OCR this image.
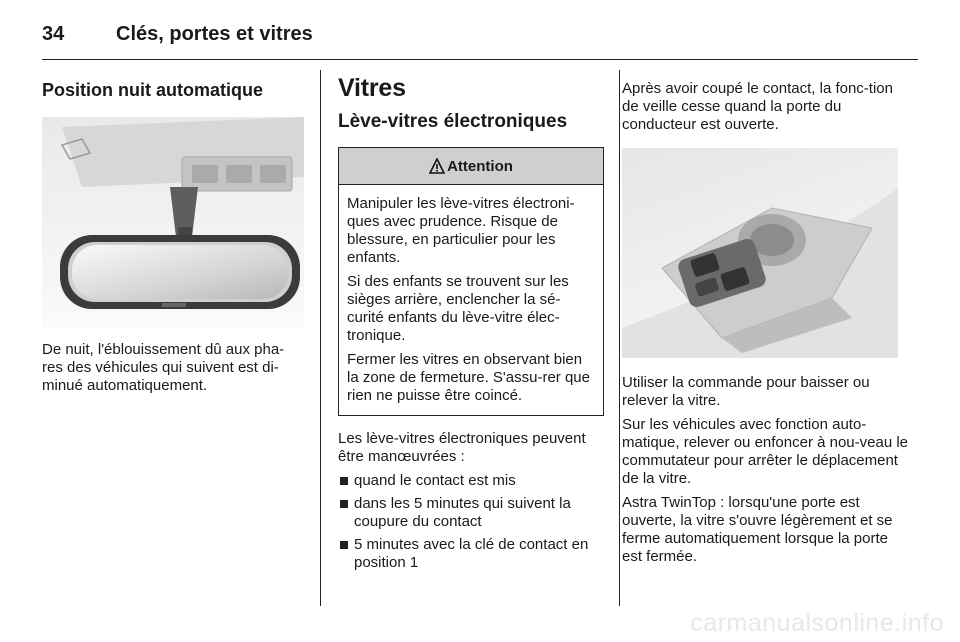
34	Clés, portes et vitres
Position nuit automatique

De nuit, l'éblouissement dû aux pha-res des véhicules qui suivent est di-minué automatiquement.

Vitres
Lève-vitres électroniques
Attention

Manipuler les lève-vitres électroni-ques avec prudence. Risque de blessure, en particulier pour les enfants.

Si des enfants se trouvent sur les sièges arrière, enclencher la sé-curité enfants du lève-vitre élec-tronique.

Fermer les vitres en observant bien la zone de fermeture. S'assu-rer que rien ne puisse être coincé.

Les lève-vitres électroniques peuvent être manœuvrées :

quand le contact est mis
dans les 5 minutes qui suivent la coupure du contact
5 minutes avec la clé de contact en position 1

Après avoir coupé le contact, la fonc-tion de veille cesse quand la porte du conducteur est ouverte.

Utiliser la commande pour baisser ou relever la vitre.

Sur les véhicules avec fonction auto-matique, relever ou enfoncer à nou-veau le commutateur pour arrêter le déplacement de la vitre.

Astra TwinTop : lorsqu'une porte est ouverte, la vitre s'ouvre légèrement et se ferme automatiquement lorsque la porte est fermée.

carmanualsonline.info
